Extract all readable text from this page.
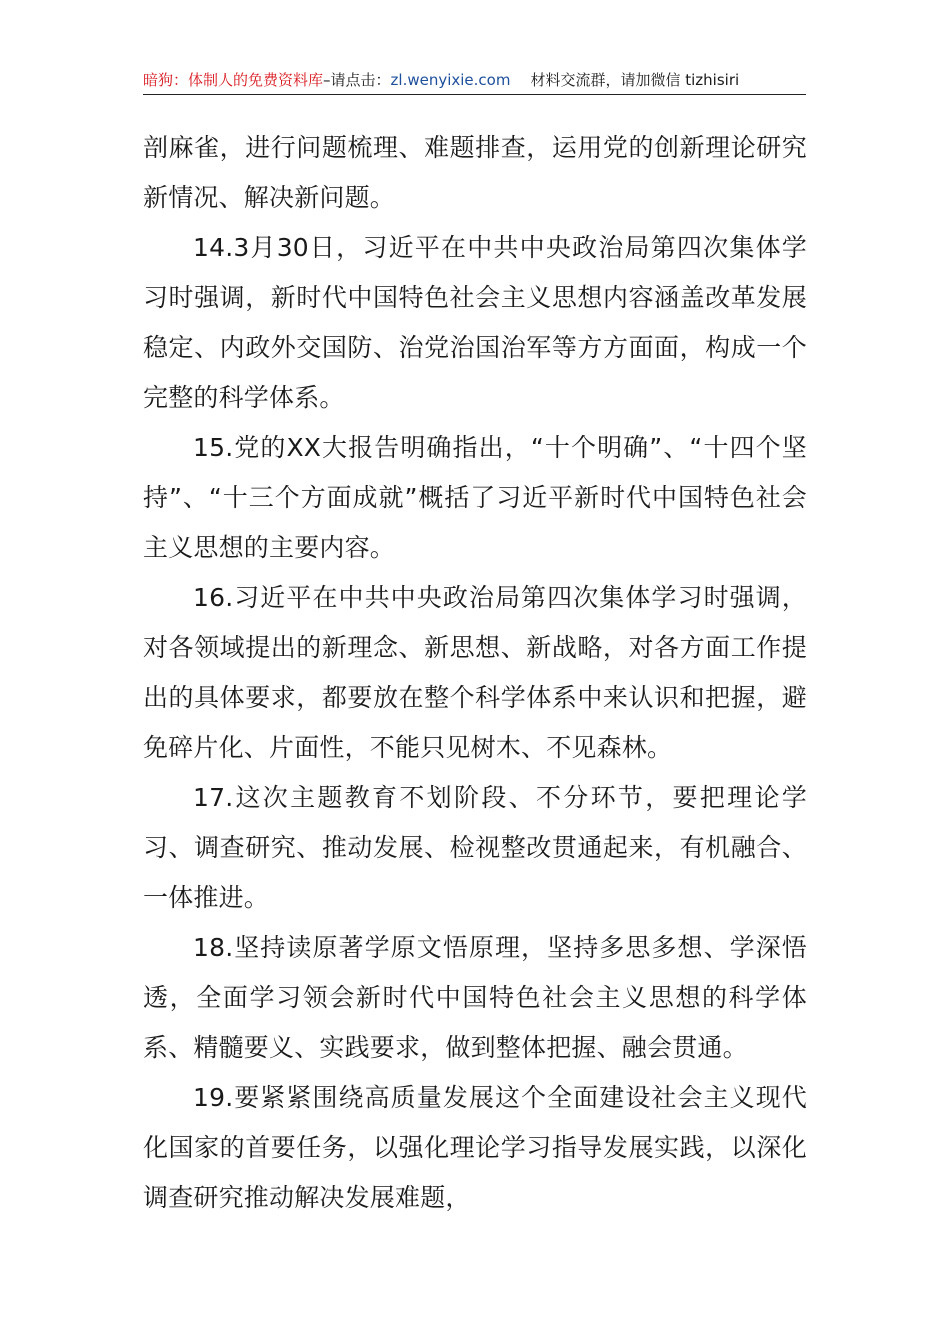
暗狗：体制人的免费资料库–请点击：zl.wenyixie.com 材料交流群，请加微信 tizhisiri

剖麻雀，进行问题梳理、难题排查，运用党的创新理论研究新情况、解决新问题。

14.3月30日，习近平在中共中央政治局第四次集体学习时强调，新时代中国特色社会主义思想内容涵盖改革发展稳定、内政外交国防、治党治国治军等方方面面，构成一个完整的科学体系。

15.党的XX大报告明确指出，“十个明确”、“十四个坚持”、“十三个方面成就”概括了习近平新时代中国特色社会主义思想的主要内容。

16.习近平在中共中央政治局第四次集体学习时强调，对各领域提出的新理念、新思想、新战略，对各方面工作提出的具体要求，都要放在整个科学体系中来认识和把握，避免碎片化、片面性，不能只见树木、不见森林。

17.这次主题教育不划阶段、不分环节，要把理论学习、调查研究、推动发展、检视整改贯通起来，有机融合、一体推进。

18.坚持读原著学原文悟原理，坚持多思多想、学深悟透，全面学习领会新时代中国特色社会主义思想的科学体系、精髓要义、实践要求，做到整体把握、融会贯通。

19.要紧紧围绕高质量发展这个全面建设社会主义现代化国家的首要任务，以强化理论学习指导发展实践，以深化调查研究推动解决发展难题，
